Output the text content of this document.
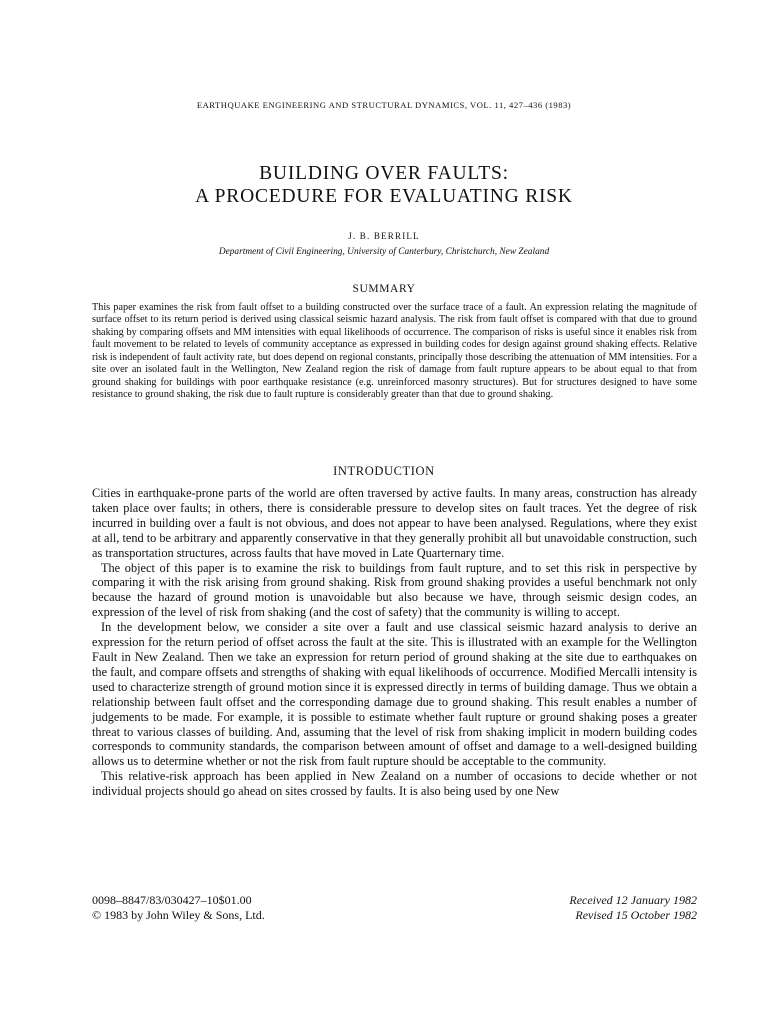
EARTHQUAKE ENGINEERING AND STRUCTURAL DYNAMICS, VOL. 11, 427–436 (1983)
BUILDING OVER FAULTS:
A PROCEDURE FOR EVALUATING RISK
J. B. BERRILL
Department of Civil Engineering, University of Canterbury, Christchurch, New Zealand
SUMMARY
This paper examines the risk from fault offset to a building constructed over the surface trace of a fault. An expression relating the magnitude of surface offset to its return period is derived using classical seismic hazard analysis. The risk from fault offset is compared with that due to ground shaking by comparing offsets and MM intensities with equal likelihoods of occurrence. The comparison of risks is useful since it enables risk from fault movement to be related to levels of community acceptance as expressed in building codes for design against ground shaking effects. Relative risk is independent of fault activity rate, but does depend on regional constants, principally those describing the attenuation of MM intensities. For a site over an isolated fault in the Wellington, New Zealand region the risk of damage from fault rupture appears to be about equal to that from ground shaking for buildings with poor earthquake resistance (e.g. unreinforced masonry structures). But for structures designed to have some resistance to ground shaking, the risk due to fault rupture is considerably greater than that due to ground shaking.
INTRODUCTION

Cities in earthquake-prone parts of the world are often traversed by active faults. In many areas, construction has already taken place over faults; in others, there is considerable pressure to develop sites on fault traces. Yet the degree of risk incurred in building over a fault is not obvious, and does not appear to have been analysed. Regulations, where they exist at all, tend to be arbitrary and apparently conservative in that they generally prohibit all but unavoidable construction, such as transportation structures, across faults that have moved in Late Quarternary time.

The object of this paper is to examine the risk to buildings from fault rupture, and to set this risk in perspective by comparing it with the risk arising from ground shaking. Risk from ground shaking provides a useful benchmark not only because the hazard of ground motion is unavoidable but also because we have, through seismic design codes, an expression of the level of risk from shaking (and the cost of safety) that the community is willing to accept.

In the development below, we consider a site over a fault and use classical seismic hazard analysis to derive an expression for the return period of offset across the fault at the site. This is illustrated with an example for the Wellington Fault in New Zealand. Then we take an expression for return period of ground shaking at the site due to earthquakes on the fault, and compare offsets and strengths of shaking with equal likelihoods of occurrence. Modified Mercalli intensity is used to characterize strength of ground motion since it is expressed directly in terms of building damage. Thus we obtain a relationship between fault offset and the corresponding damage due to ground shaking. This result enables a number of judgements to be made. For example, it is possible to estimate whether fault rupture or ground shaking poses a greater threat to various classes of building. And, assuming that the level of risk from shaking implicit in modern building codes corresponds to community standards, the comparison between amount of offset and damage to a well-designed building allows us to determine whether or not the risk from fault rupture should be acceptable to the community.

This relative-risk approach has been applied in New Zealand on a number of occasions to decide whether or not individual projects should go ahead on sites crossed by faults. It is also being used by one New

0098–8847/83/030427–10$01.00
© 1983 by John Wiley & Sons, Ltd.
Received 12 January 1982
Revised 15 October 1982
